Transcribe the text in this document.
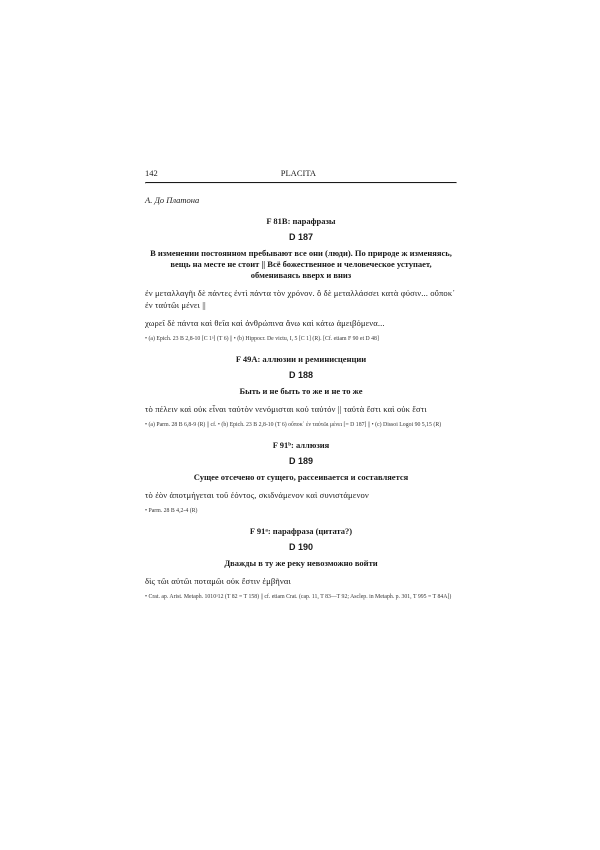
142	PLACITA
A. До Платона
F 81B: парафразы
D 187
В изменении постоянном пребывают все они (люди). По природе ж изменяясь, вещь на месте не стоит || Всё божественное и человеческое уступает, обмениваясь вверх и вниз
ἐν μεταλλαγῆι δὲ πάντες ἐντὶ πάντα τὸν χρόνον. ὃ δὲ μεταλλάσσει κατὰ φύσιν... οὔποκ᾿ ἐν ταὐτῶι μένει ||
χωρεῖ δὲ πάντα καὶ θεῖα καὶ ἀνθρώπινα ἄνω καὶ κάτω ἀμειβόμενα...
• (a) Epich. 23 B 2,8-10 [C 1ᵃ] (T 6) || • (b) Hippocr. De victu, I, 5 [C 1] (R). [Cf. etiam F 90 et D 48]
F 49A: аллюзии и реминисценции
D 188
Быть и не быть то же и не то же
τὸ πέλειν καὶ οὐκ εἶναι ταὐτὸν νενόμισται κοὐ ταὐτόν || ταὐτὰ ἔστι καὶ οὐκ ἔστι
• (a) Parm. 28 B 6,8-9 (R) || cf. • (b) Epich. 23 B 2,8-10 (T 6) οὔποκ᾿ ἐν ταὐτῶι μένει [= D 187] || • (c) Dissoi Logoi 90 5,15 (R)
F 91ᵇ: аллюзия
D 189
Сущее отсечено от сущего, рассеивается и составляется
τὸ ἐὸν ἀποτμήγεται τοῦ ἐόντος, σκιδνάμενον καὶ συνιστάμενον
• Parm. 28 B 4,2-4 (R)
F 91ᵃ: парафраза (цитата?)
D 190
Дважды в ту же реку невозможно войти
δὶς τῶι αὐτῶι ποταμῶι οὐκ ἔστιν ἐμβῆναι
• Crat. ap. Arist. Metaph. 1010ᵃ12 (T 82 = T 158) || cf. etiam Crat. (cap. 11, T 83—T 92; Asclep. in Metaph. p. 301, T 995 = T 84A])
